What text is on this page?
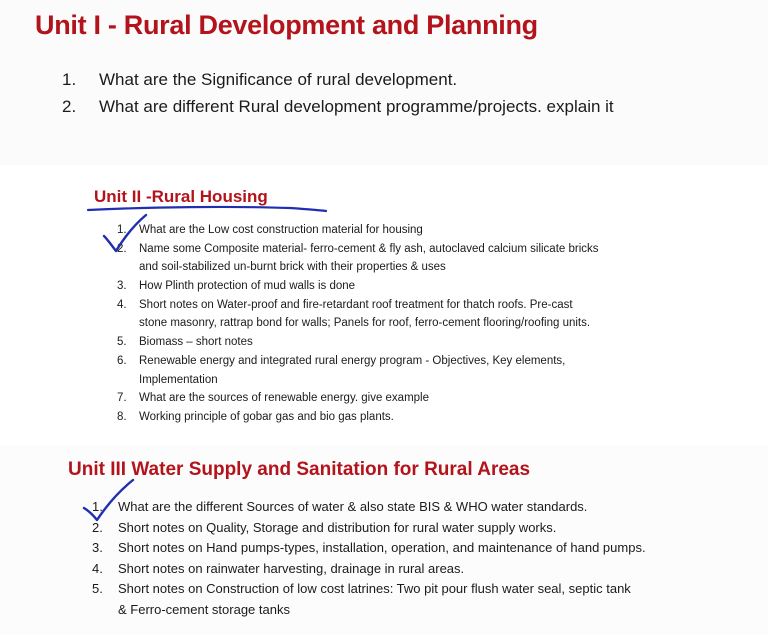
Unit I - Rural Development and Planning
1. What are the Significance of rural development.
2. What are different Rural development programme/projects. explain it
Unit II -Rural Housing
1. What are the Low cost construction material for housing
2. Name some Composite material- ferro-cement & fly ash, autoclaved calcium silicate bricks
and soil-stabilized un-burnt brick with their properties & uses
3. How Plinth protection of mud walls is done
4. Short notes on Water-proof and fire-retardant roof treatment for thatch roofs. Pre-cast
stone masonry, rattrap bond for walls; Panels for roof, ferro-cement flooring/roofing units.
5. Biomass – short notes
6. Renewable energy and integrated rural energy program - Objectives, Key elements,
Implementation
7. What are the sources of renewable energy. give example
8. Working principle of gobar gas and bio gas plants.
Unit III Water Supply and Sanitation for Rural Areas
1. What are the different Sources of water & also state BIS & WHO water standards.
2. Short notes on Quality, Storage and distribution for rural water supply works.
3. Short notes on Hand pumps-types, installation, operation, and maintenance of hand pumps.
4. Short notes on rainwater harvesting, drainage in rural areas.
5. Short notes on Construction of low cost latrines: Two pit pour flush water seal, septic tank
& Ferro-cement storage tanks
